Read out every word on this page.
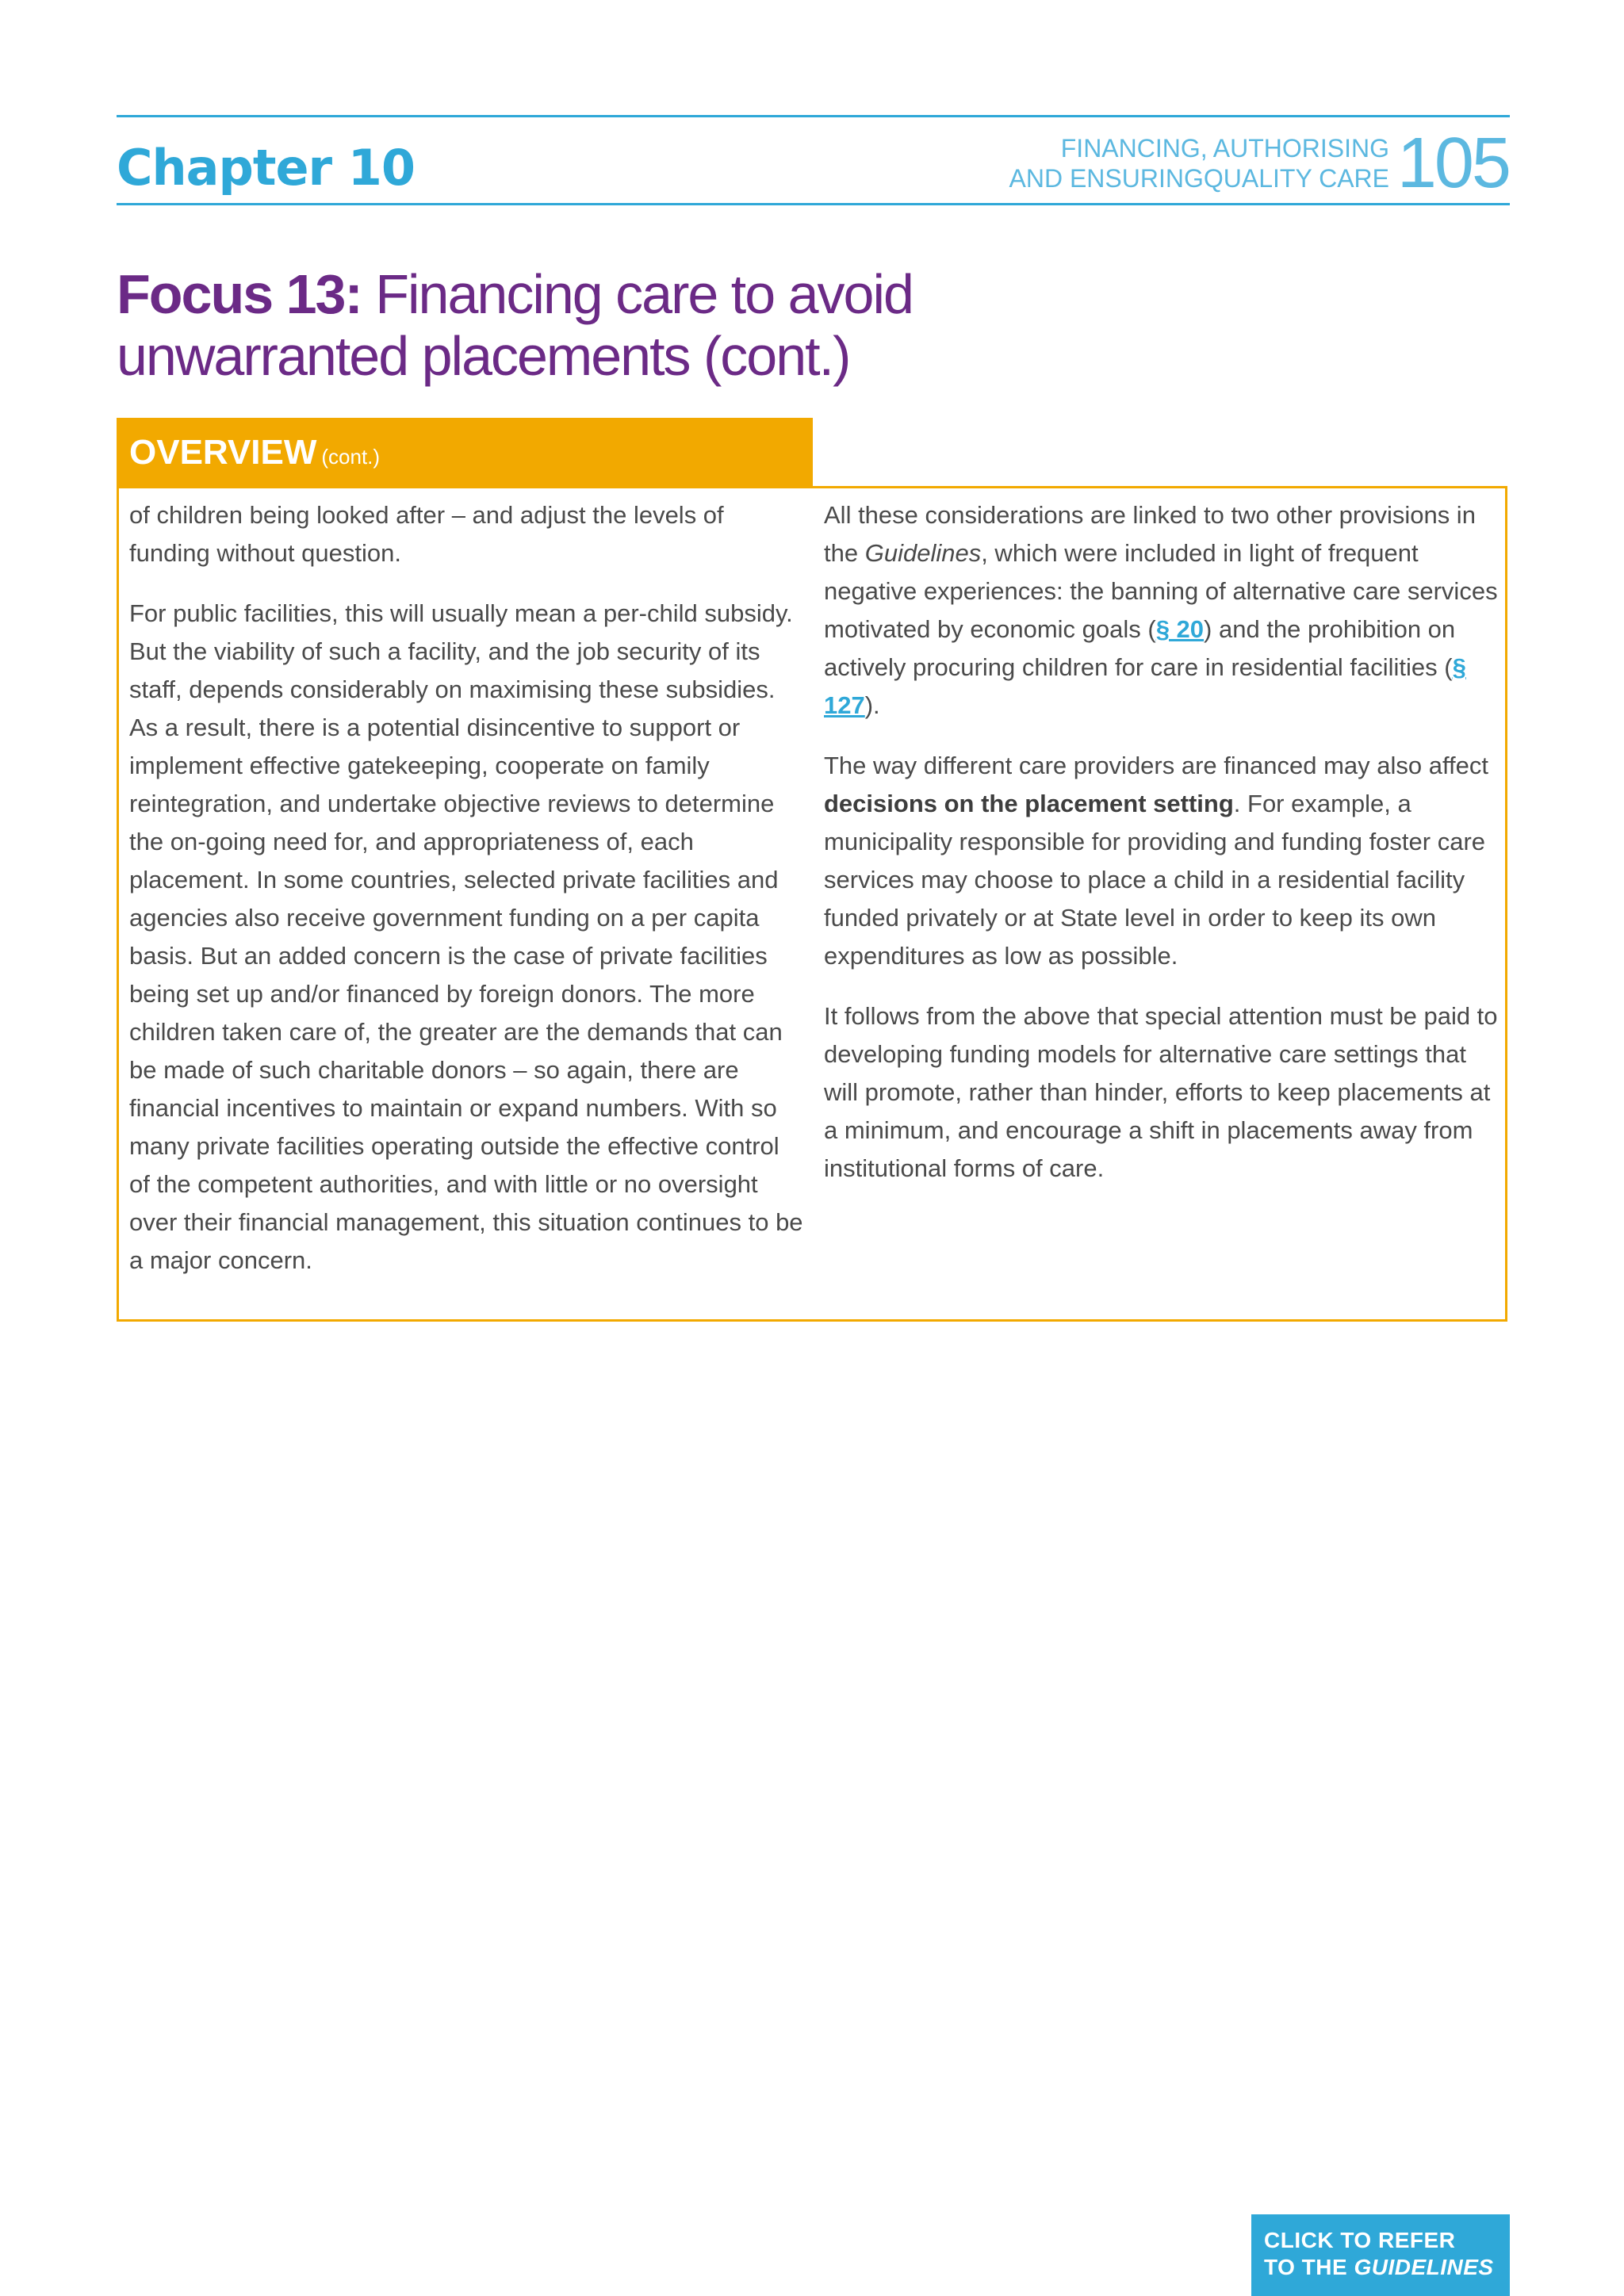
Chapter 10	FINANCING, AUTHORISING
AND ENSURINGQUALITY CARE 105
Focus 13: Financing care to avoid
unwarranted placements (cont.)
OVERVIEW (cont.)

of children being looked after – and adjust the levels of funding without question.

For public facilities, this will usually mean a per-child subsidy. But the viability of such a facility, and the job security of its staff, depends considerably on maximising these subsidies. As a result, there is a potential disincentive to support or implement effective gatekeeping, cooperate on family reintegration, and undertake objective reviews to determine the on-going need for, and appropriateness of, each placement. In some countries, selected private facilities and agencies also receive government funding on a per capita basis. But an added concern is the case of private facilities being set up and/or financed by foreign donors. The more children taken care of, the greater are the demands that can be made of such charitable donors – so again, there are financial incentives to maintain or expand numbers. With so many private facilities operating outside the effective control of the competent authorities, and with little or no oversight over their financial management, this situation continues to be a major concern.

All these considerations are linked to two other provisions in the Guidelines, which were included in light of frequent negative experiences: the banning of alternative care services motivated by economic goals (§ 20) and the prohibition on actively procuring children for care in residential facilities (§ 127).

The way different care providers are financed may also affect decisions on the placement setting. For example, a municipality responsible for providing and funding foster care services may choose to place a child in a residential facility funded privately or at State level in order to keep its own expenditures as low as possible.

It follows from the above that special attention must be paid to developing funding models for alternative care settings that will promote, rather than hinder, efforts to keep placements at a minimum, and encourage a shift in placements away from institutional forms of care.

CLICK TO REFER
TO THE GUIDELINES
